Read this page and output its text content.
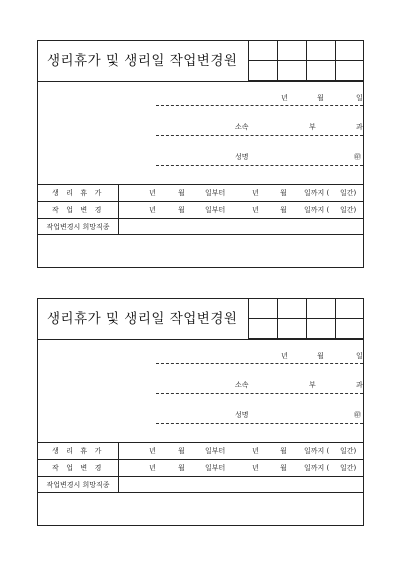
생리휴가 및 생리일 작업변경원
년	월	일
소속	부	과
성명	㊞
생 리 휴 가	년	월	일부터	년	월 일까지 ( 일간)
작 업 변 경	년	월	일부터	년	월 일까지 ( 일간)
작업변경시 희망직종
생리휴가 및 생리일 작업변경원
년	월	일
소속	부	과
성명	㊞
생 리 휴 가	년	월	일부터	년	월 일까지 ( 일간)
작 업 변 경	년	월	일부터	년	월 일까지 ( 일간)
작업변경시 희망직종
